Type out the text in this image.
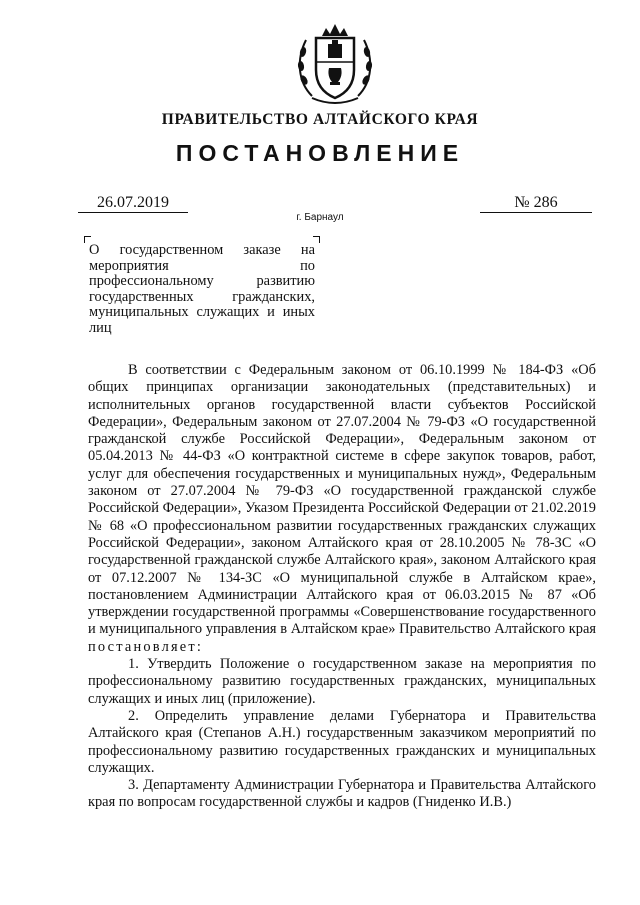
ПРАВИТЕЛЬСТВО АЛТАЙСКОГО КРАЯ
ПОСТАНОВЛЕНИЕ
26.07.2019	№ 286
г. Барнаул
О государственном заказе на мероприятия по профессиональному развитию государственных гражданских, муниципальных служащих и иных лиц

В соответствии с Федеральным законом от 06.10.1999 № 184-ФЗ «Об общих принципах организации законодательных (представительных) и исполнительных органов государственной власти субъектов Российской Федерации», Федеральным законом от 27.07.2004 № 79-ФЗ «О государственной гражданской службе Российской Федерации», Федеральным законом от 05.04.2013 № 44-ФЗ «О контрактной системе в сфере закупок товаров, работ, услуг для обеспечения государственных и муниципальных нужд», Федеральным законом от 27.07.2004 № 79-ФЗ «О государственной гражданской службе Российской Федерации», Указом Президента Российской Федерации от 21.02.2019 № 68 «О профессиональном развитии государственных гражданских служащих Российской Федерации», законом Алтайского края от 28.10.2005 № 78-ЗС «О государственной гражданской службе Алтайского края», законом Алтайского края от 07.12.2007 № 134-ЗС «О муниципальной службе в Алтайском крае», постановлением Администрации Алтайского края от 06.03.2015 № 87 «Об утверждении государственной программы «Совершенствование государственного и муниципального управления в Алтайском крае» Правительство Алтайского края постановляет:

1. Утвердить Положение о государственном заказе на мероприятия по профессиональному развитию государственных гражданских, муниципальных служащих и иных лиц (приложение).

2. Определить управление делами Губернатора и Правительства Алтайского края (Степанов А.Н.) государственным заказчиком мероприятий по профессиональному развитию государственных гражданских и муниципальных служащих.

3. Департаменту Администрации Губернатора и Правительства Алтайского края по вопросам государственной службы и кадров (Гниденко И.В.)
